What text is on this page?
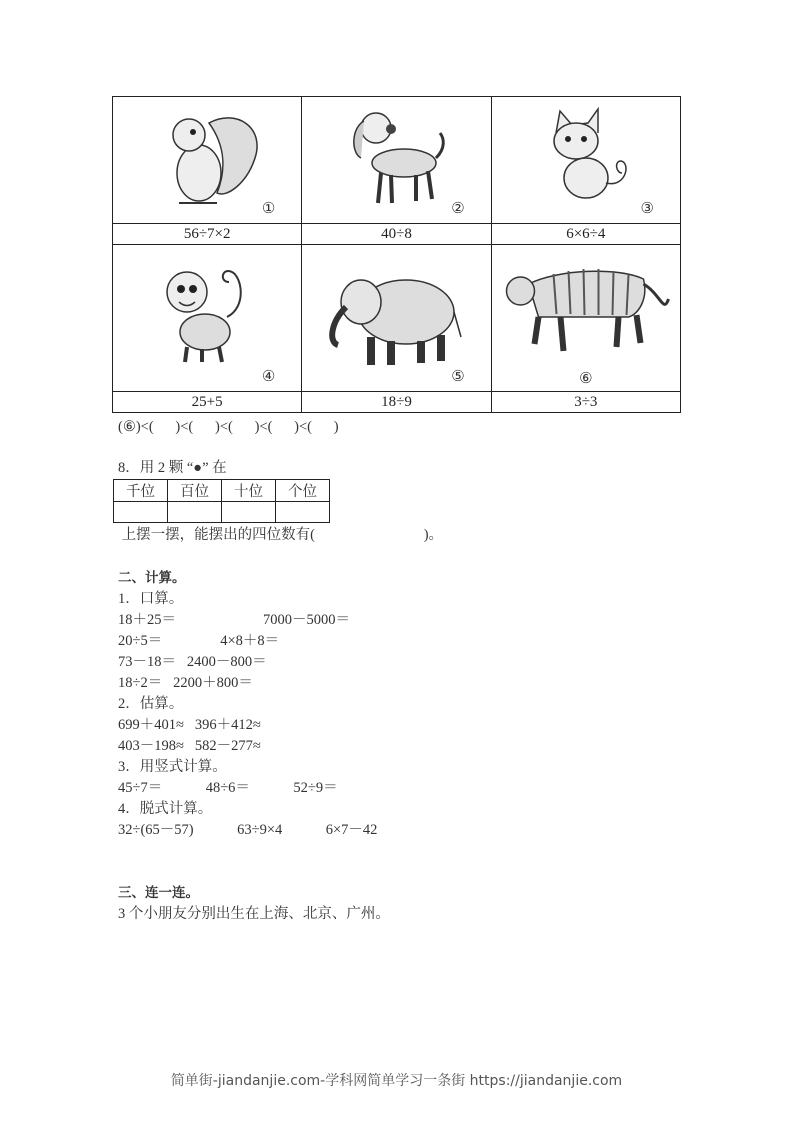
①	②	③

56÷7×2	40÷8	6×6÷4

④	⑤	⑥

25+5	18÷9	3÷3
(⑥)<(      )<(      )<(      )<(      )<(      )
8．用 2 颗 “●” 在
千位	百位	十位	个位

上摆一摆，能摆出的四位数有(                              )。
二、计算。
1．口算。
18＋25＝                        7000－5000＝
20÷5＝                4×8＋8＝
73－18＝   2400－800＝
18÷2＝   2200＋800＝
2．估算。
699＋401≈   396＋412≈
403－198≈   582－277≈
3．用竖式计算。
45÷7＝            48÷6＝            52÷9＝
4．脱式计算。
32÷(65－57)            63÷9×4            6×7－42
三、连一连。
3 个小朋友分别出生在上海、北京、广州。
简单街-jiandanjie.com-学科网简单学习一条街 https://jiandanjie.com
